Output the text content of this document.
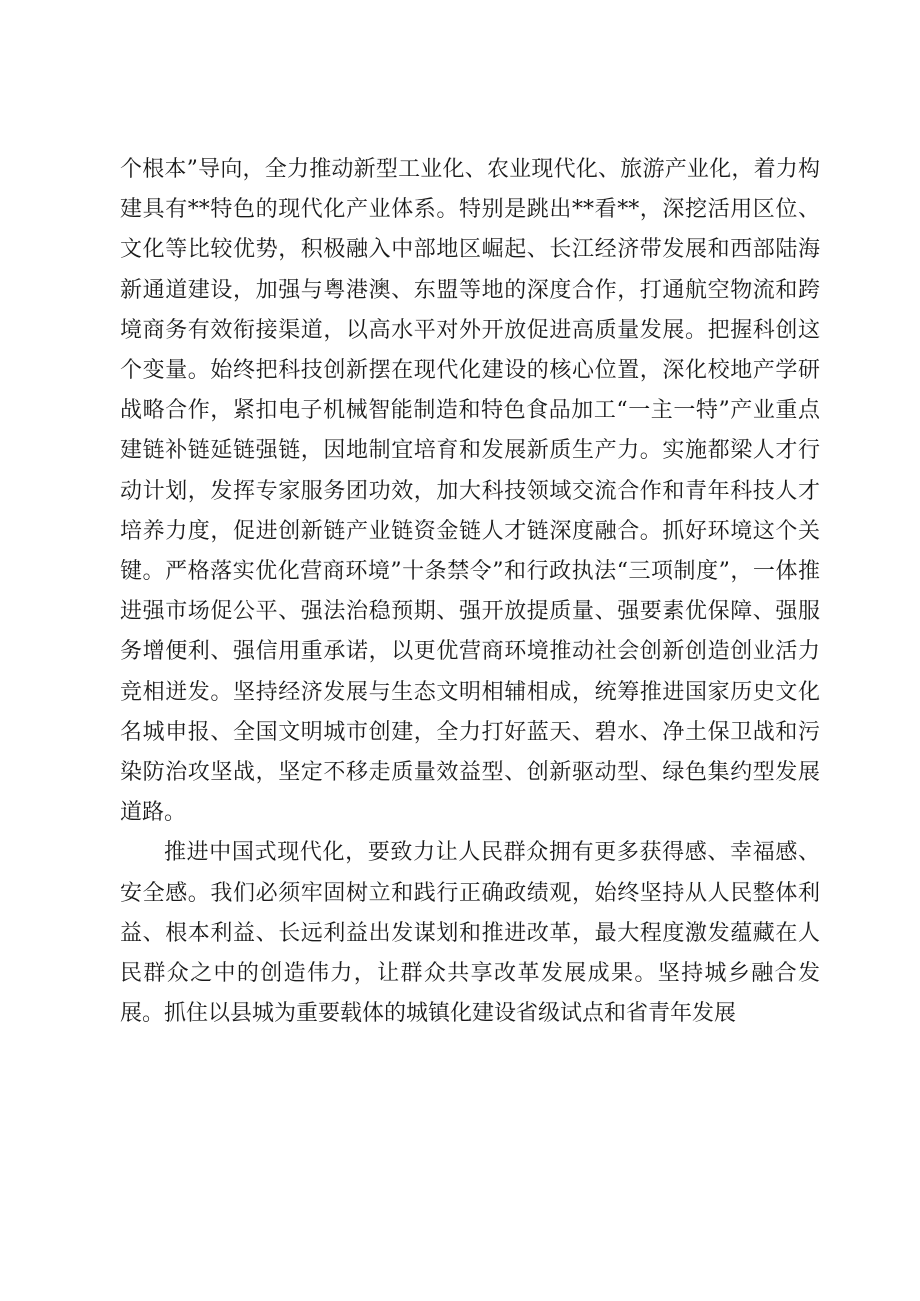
个根本”导向，全力推动新型工业化、农业现代化、旅游产业化，着力构建具有**特色的现代化产业体系。特别是跳出**看**，深挖活用区位、文化等比较优势，积极融入中部地区崛起、长江经济带发展和西部陆海新通道建设，加强与粤港澳、东盟等地的深度合作，打通航空物流和跨境商务有效衔接渠道，以高水平对外开放促进高质量发展。把握科创这个变量。始终把科技创新摆在现代化建设的核心位置，深化校地产学研战略合作，紧扣电子机械智能制造和特色食品加工“一主一特”产业重点建链补链延链强链，因地制宜培育和发展新质生产力。实施都梁人才行动计划，发挥专家服务团功效，加大科技领域交流合作和青年科技人才培养力度，促进创新链产业链资金链人才链深度融合。抓好环境这个关键。严格落实优化营商环境”十条禁令”和行政执法“三项制度”，一体推进强市场促公平、强法治稳预期、强开放提质量、强要素优保障、强服务增便利、强信用重承诺，以更优营商环境推动社会创新创造创业活力竞相迸发。坚持经济发展与生态文明相辅相成，统筹推进国家历史文化名城申报、全国文明城市创建，全力打好蓝天、碧水、净土保卫战和污染防治攻坚战，坚定不移走质量效益型、创新驱动型、绿色集约型发展道路。

推进中国式现代化，要致力让人民群众拥有更多获得感、幸福感、安全感。我们必须牢固树立和践行正确政绩观，始终坚持从人民整体利益、根本利益、长远利益出发谋划和推进改革，最大程度激发蕴藏在人民群众之中的创造伟力，让群众共享改革发展成果。坚持城乡融合发展。抓住以县城为重要载体的城镇化建设省级试点和省青年发展
